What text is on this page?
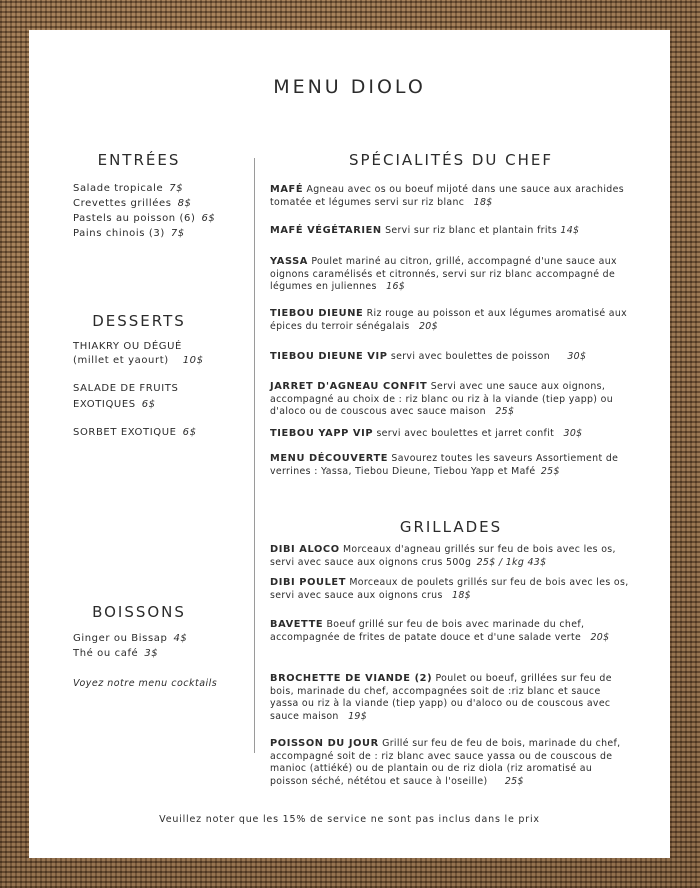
MENU DIOLO
ENTRÉES
Salade tropicale 7$
Crevettes grillées 8$
Pastels au poisson (6) 6$
Pains chinois (3) 7$
DESSERTS
THIAKRY OU DÉGUÉ
(millet et yaourt) 10$
SALADE DE FRUITS
EXOTIQUES 6$
SORBET EXOTIQUE 6$
BOISSONS
Ginger ou Bissap 4$
Thé ou café 3$
Voyez notre menu cocktails
SPÉCIALITÉS DU CHEF
MAFÉ Agneau avec os ou boeuf mijoté dans une sauce aux arachides tomatée et légumes servi sur riz blanc 18$
MAFÉ VÉGÉTARIEN Servi sur riz blanc et plantain frits 14$
YASSA Poulet mariné au citron, grillé, accompagné d'une sauce aux oignons caramélisés et citronnés, servi sur riz blanc accompagné de légumes en juliennes 16$
TIEBOU DIEUNE Riz rouge au poisson et aux légumes aromatisé aux épices du terroir sénégalais 20$
TIEBOU DIEUNE VIP servi avec boulettes de poisson 30$
JARRET D'AGNEAU CONFIT Servi avec une sauce aux oignons, accompagné au choix de : riz blanc ou riz à la viande (tiep yapp) ou d'aloco ou de couscous avec sauce maison 25$
TIEBOU YAPP VIP servi avec boulettes et jarret confit 30$
MENU DÉCOUVERTE Savourez toutes les saveurs Assortiement de verrines : Yassa, Tiebou Dieune, Tiebou Yapp et Mafé 25$
GRILLADES
DIBI ALOCO Morceaux d'agneau grillés sur feu de bois avec les os, servi avec sauce aux oignons crus 500g 25$ / 1kg 43$
DIBI POULET Morceaux de poulets grillés sur feu de bois avec les os, servi avec sauce aux oignons crus 18$
BAVETTE Boeuf grillé sur feu de bois avec marinade du chef, accompagnée de frites de patate douce et d'une salade verte 20$
BROCHETTE DE VIANDE (2) Poulet ou boeuf, grillées sur feu de bois, marinade du chef, accompagnées soit de :riz blanc et sauce yassa ou riz à la viande (tiep yapp) ou d'aloco ou de couscous avec sauce maison 19$
POISSON DU JOUR Grillé sur feu de feu de bois, marinade du chef, accompagné soit de : riz blanc avec sauce yassa ou de couscous de manioc (attiéké) ou de plantain ou de riz diola (riz aromatisé au poisson séché, nététou et sauce à l'oseille) 25$
Veuillez noter que les 15% de service ne sont pas inclus dans le prix
